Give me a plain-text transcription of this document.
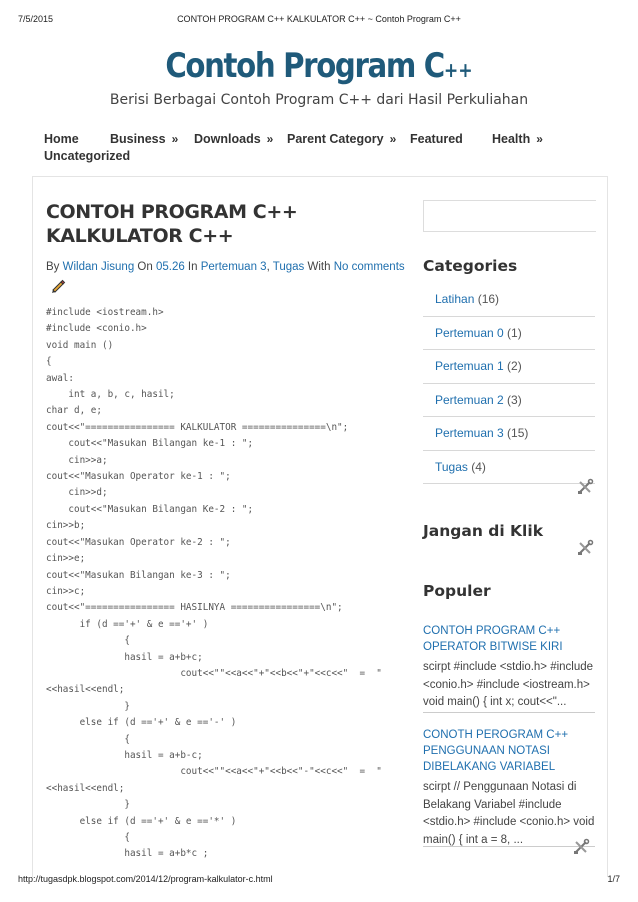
7/5/2015	CONTOH PROGRAM C++ KALKULATOR C++ ~ Contoh Program C++
Contoh Program C++
Berisi Berbagai Contoh Program C++ dari Hasil Perkuliahan
Home	Business » Downloads » Parent Category » Featured Health »
Uncategorized
CONTOH PROGRAM C++ KALKULATOR C++
By Wildan Jisung On 05.26 In Pertemuan 3, Tugas With No comments
#include <iostream.h>
#include <conio.h>
void main ()
{
awal:
int a, b, c, hasil;
char d, e;
cout<<"================ KALKULATOR ===============\n";
cout<<"Masukan Bilangan ke-1 : ";
cin>>a;
cout<<"Masukan Operator ke-1 : ";
cin>>d;
cout<<"Masukan Bilangan Ke-2 : ";
cin>>b;
cout<<"Masukan Operator ke-2 : ";
cin>>e;
cout<<"Masukan Bilangan ke-3 : ";
cin>>c;
cout<<"================ HASILNYA ================\n";
if (d =='+' & e =='+' )
{
hasil = a+b+c;
cout<<""<<a<<"+"<<b<<"+"<<c<<"  =  "
<<hasil<<endl;
}
else if (d =='+' & e =='-' )
{
hasil = a+b-c;
cout<<""<<a<<"+"<<b<<"-"<<c<<"  =  "
<<hasil<<endl;
}
else if (d =='+' & e =='*' )
{
hasil = a+b*c ;
Categories
Latihan (16)
Pertemuan 0 (1)
Pertemuan 1 (2)
Pertemuan 2 (3)
Pertemuan 3 (15)
Tugas (4)
Jangan di Klik
Populer
CONTOH PROGRAM C++ OPERATOR BITWISE KIRI
scirpt #include <stdio.h> #include <conio.h> #include <iostream.h> void main() { int x; cout<<"...
CONOTH PEROGRAM C++ PENGGUNAAN NOTASI DIBELAKANG VARIABEL
scirpt // Penggunaan Notasi di Belakang Variabel #include <stdio.h> #include <conio.h> void main() { int a = 8, ...
http://tugasdpk.blogspot.com/2014/12/program-kalkulator-c.html	1/7
